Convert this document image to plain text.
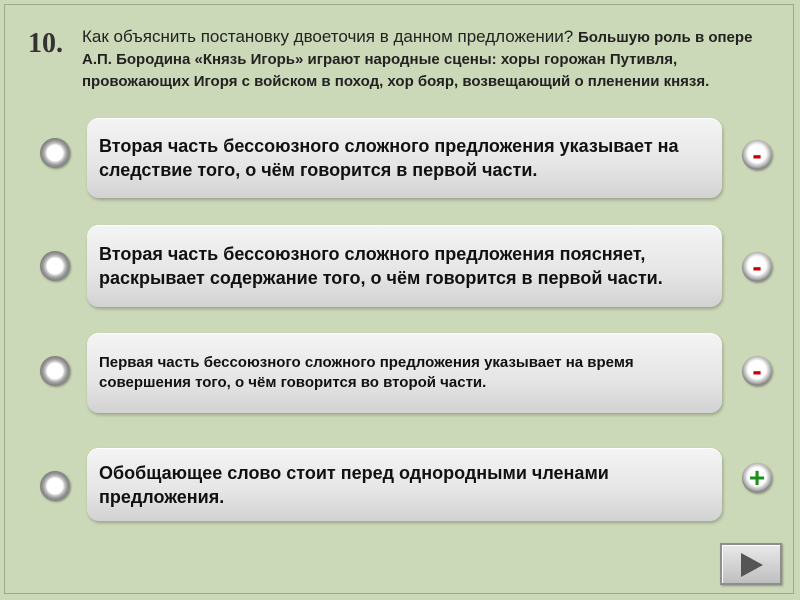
10. Как объяснить постановку двоеточия в данном предложении? Большую роль в опере А.П. Бородина «Князь Игорь» играют народные сцены: хоры горожан Путивля, провожающих Игоря с войском в поход, хор бояр, возвещающий о пленении князя.
Вторая часть бессоюзного сложного предложения указывает на следствие того, о чём говорится в первой части.	-
Вторая часть бессоюзного сложного предложения поясняет, раскрывает содержание того, о чём говорится в первой части.	-
Первая часть бессоюзного сложного предложения указывает на время совершения того, о чём говорится во второй части.	-
Обобщающее слово стоит перед однородными членами предложения.
+
